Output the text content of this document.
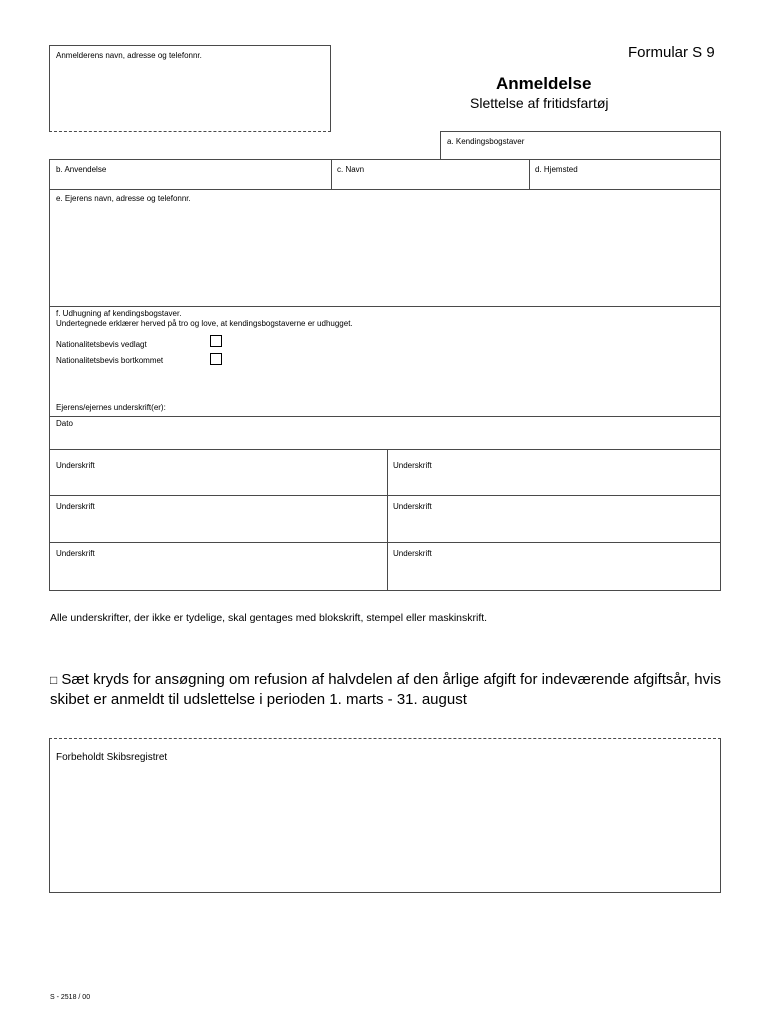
Anmelderens navn, adresse og telefonnr.	Formular S 9
Anmeldelse
Slettelse af fritidsfartøj
a. Kendingsbogstaver
b. Anvendelse	c. Navn	d. Hjemsted
e. Ejerens navn, adresse og telefonnr.
f. Udhugning af kendingsbogstaver.
Undertegnede erklærer herved på tro og love, at kendingsbogstaverne er udhugget.
Nationalitetsbevis vedlagt
Nationalitetsbevis bortkommet
Ejerens/ejernes underskrift(er):
Dato
Underskrift	Underskrift
Underskrift	Underskrift
Underskrift	Underskrift
Alle underskrifter, der ikke er tydelige, skal gentages med blokskrift, stempel eller maskinskrift.
□ Sæt kryds for ansøgning om refusion af halvdelen af den årlige afgift for indeværende afgiftsår, hvis
skibet er anmeldt til udslettelse i perioden 1. marts - 31. august
Forbeholdt Skibsregistret
S - 2518 / 00
